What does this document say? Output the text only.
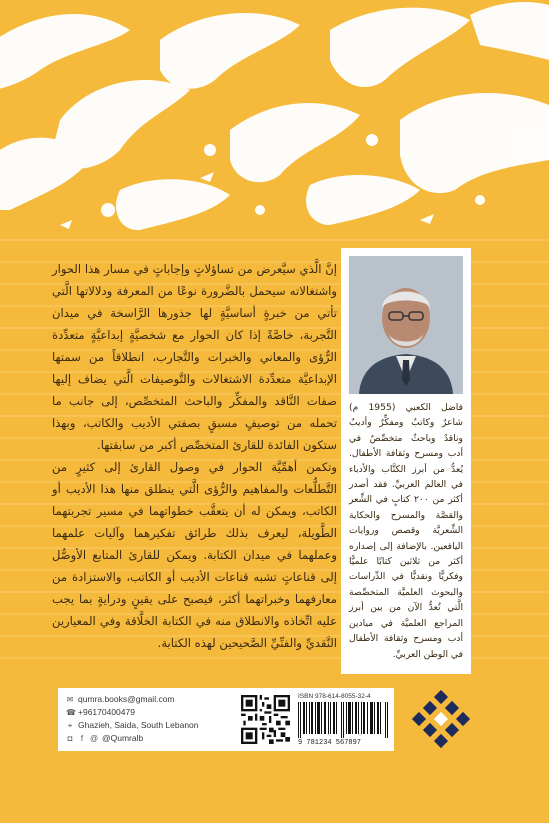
إنَّ الَّذي سيَّعرض من تساؤلاتٍ وإجاباتٍ في مسار هذا الحوار واشتغالاته سيحمل بالضَّرورة نوعًا من المعرفة ودلالاتها الَّتي تأتي من خبرةٍ أساسيَّةٍ لها جذورها الرَّاسخة في ميدان التَّجربة، خاصَّةً إذا كان الحوار مع شخصيَّةٍ إبداعيَّةٍ متعدِّدة الرُّؤى والمعاني والخبرات والتَّجارب، انطلاقاً من سمتها الإبداعيَّة متعدِّدة الاشتغالات والتَّوصيفات الَّتي يضاف إليها صفات النَّاقد والمفكِّر والباحث المتخصِّص، إلى جانب ما تحمله من توصيفٍ مسبقٍ بصفتي الأديب والكاتب، وبهذا ستكون الفائدة للقارئ المتخصِّص أكبر من سابقتها.

وتكمن أهمِّيَّة الحوار في وصول القارئ إلى كثيرٍ من التَّطلُّعات والمفاهيم والرُّؤى الَّتي ينطلق منها هذا الأديب أو الكاتب، ويمكن له أن يتعقَّب خطواتهما في مسير تجربتهما الطَّويلة، ليعرف بذلك طرائق تفكيرهما وآليات علمهما وعملهما في ميدان الكتابة. ويمكن للقارئ المتابع الأوصُّل إلى قناعاتٍ تشبه قناعات الأديب أو الكاتب، والاستزادة من معارفهما وخبراتهما أكثر، فيصبح على يقينٍ ودرايةٍ بما يجب عليه اتِّخاذه والانطلاق منه في الكتابة الخلَّاقة وفي المعيارين النَّقديِّ والفنِّيِّ الصَّحيحين لهذه الكتابة.

فاضل الكعبي (1955 م) شاعرٌ وكاتبٌ ومفكِّرٌ وأديبٌ وناقدٌ وباحثٌ متخصِّصٌ في أدب ومسرح وثقافة الأطفال. يُعدُّ من أبرز الكتَّاب والأدباء في العالم العربيِّ. فقد أصدر أكثر من ٢٠٠ كتابٍ في الشِّعر والقصَّة والمسرح والحكاية الشِّعريَّة وقصص وروايات اليافعين. بالإضافة إلى إصداره أكثر من ثلاثين كتابًا علميًّا وفكريًّا ونقديًّا في الدِّراسات والبحوث العلميَّة المتخصِّصة الَّتي تُعدُّ الآن من بين أبرز المراجع العلميَّة في ميادين أدب ومسرح وثقافة الأطفال في الوطن العربيِّ.
✉ qumra.books@gmail.com
☎ +96170400479
⌖ Ghazieh, Saida, South Lebanon
◘	f @ @Qumralb
ISBN 978-614-8055-32-4
9 781234 567897
